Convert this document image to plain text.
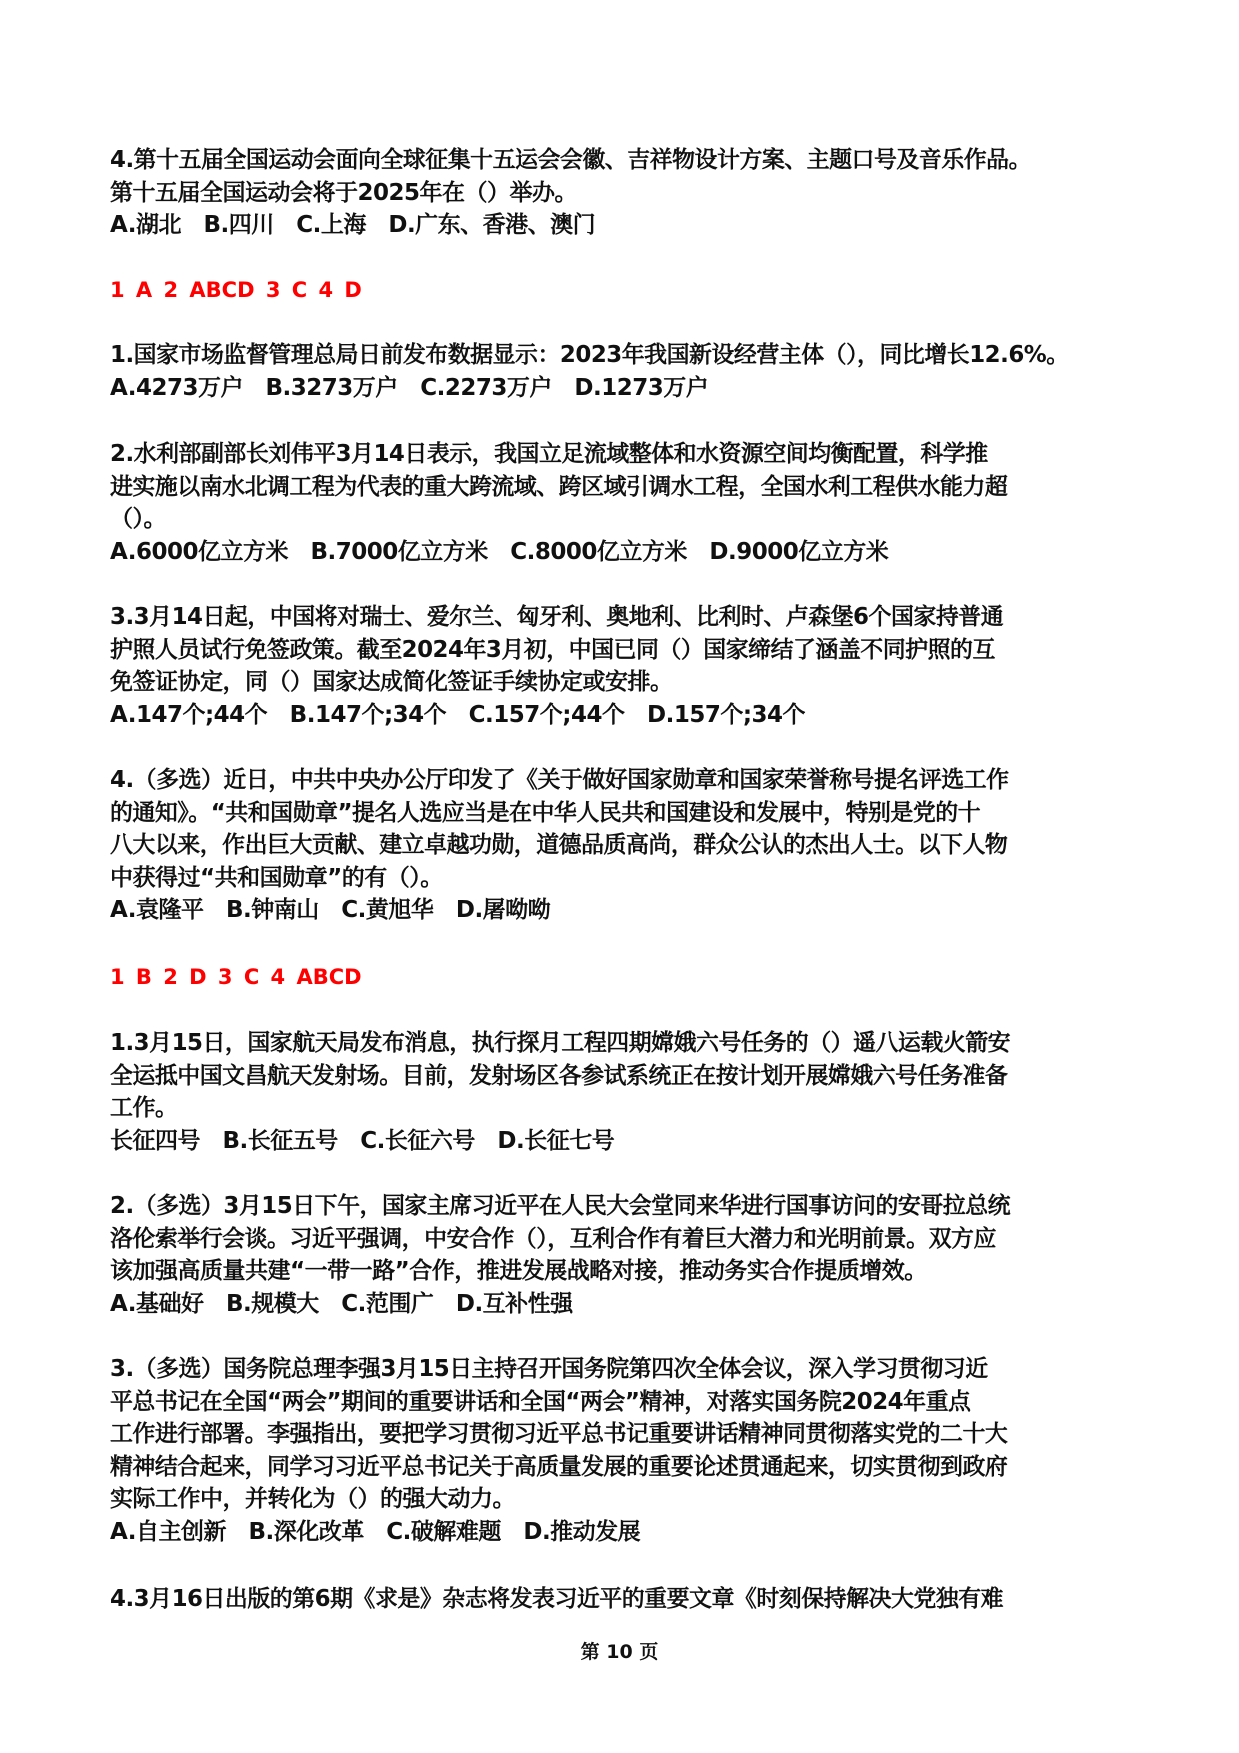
4.第十五届全国运动会面向全球征集十五运会会徽、吉祥物设计方案、主题口号及音乐作品。
第十五届全国运动会将于2025年在（）举办。
A.湖北　B.四川　C.上海　D.广东、香港、澳门
1 A 2 ABCD 3 C 4 D
1.国家市场监督管理总局日前发布数据显示：2023年我国新设经营主体（），同比增长12.6%。
A.4273万户　B.3273万户　C.2273万户　D.1273万户
2.水利部副部长刘伟平3月14日表示，我国立足流域整体和水资源空间均衡配置，科学推
进实施以南水北调工程为代表的重大跨流域、跨区域引调水工程，全国水利工程供水能力超
（）。
A.6000亿立方米　B.7000亿立方米　C.8000亿立方米　D.9000亿立方米
3.3月14日起，中国将对瑞士、爱尔兰、匈牙利、奥地利、比利时、卢森堡6个国家持普通
护照人员试行免签政策。截至2024年3月初，中国已同（）国家缔结了涵盖不同护照的互
免签证协定，同（）国家达成简化签证手续协定或安排。
A.147个;44个　B.147个;34个　C.157个;44个　D.157个;34个
4.（多选）近日，中共中央办公厅印发了《关于做好国家勋章和国家荣誉称号提名评选工作
的通知》。“共和国勋章”提名人选应当是在中华人民共和国建设和发展中，特别是党的十
八大以来，作出巨大贡献、建立卓越功勋，道德品质高尚，群众公认的杰出人士。以下人物
中获得过“共和国勋章”的有（）。
A.袁隆平　B.钟南山　C.黄旭华　D.屠呦呦
1 B 2 D 3 C 4 ABCD
1.3月15日，国家航天局发布消息，执行探月工程四期嫦娥六号任务的（）遥八运载火箭安
全运抵中国文昌航天发射场。目前，发射场区各参试系统正在按计划开展嫦娥六号任务准备
工作。
长征四号　B.长征五号　C.长征六号　D.长征七号
2.（多选）3月15日下午，国家主席习近平在人民大会堂同来华进行国事访问的安哥拉总统
洛伦索举行会谈。习近平强调，中安合作（），互利合作有着巨大潜力和光明前景。双方应
该加强高质量共建“一带一路”合作，推进发展战略对接，推动务实合作提质增效。
A.基础好　B.规模大　C.范围广　D.互补性强
3.（多选）国务院总理李强3月15日主持召开国务院第四次全体会议，深入学习贯彻习近
平总书记在全国“两会”期间的重要讲话和全国“两会”精神，对落实国务院2024年重点
工作进行部署。李强指出，要把学习贯彻习近平总书记重要讲话精神同贯彻落实党的二十大
精神结合起来，同学习习近平总书记关于高质量发展的重要论述贯通起来，切实贯彻到政府
实际工作中，并转化为（）的强大动力。
A.自主创新　B.深化改革　C.破解难题　D.推动发展
4.3月16日出版的第6期《求是》杂志将发表习近平的重要文章《时刻保持解决大党独有难
第 10 页
